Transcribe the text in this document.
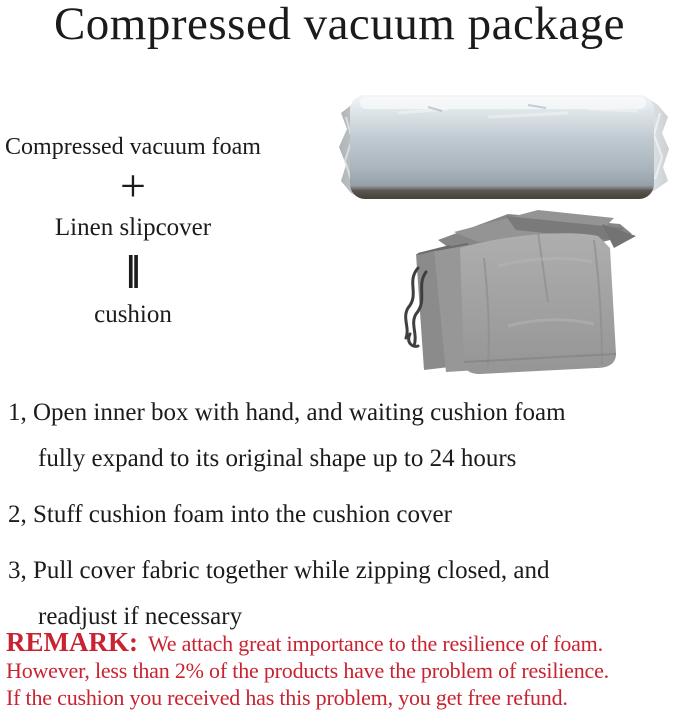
Compressed vacuum package
Compressed vacuum foam
+
Linen slipcover
‖
cushion
1, Open inner box with hand, and waiting cushion foam
fully expand to its original shape up to 24 hours
2, Stuff cushion foam into the cushion cover
3, Pull cover fabric together while zipping closed, and
readjust if necessary
REMARK: We attach great importance to the resilience of foam.
However, less than 2% of the products have the problem of resilience.
If the cushion you received has this problem, you get free refund.
